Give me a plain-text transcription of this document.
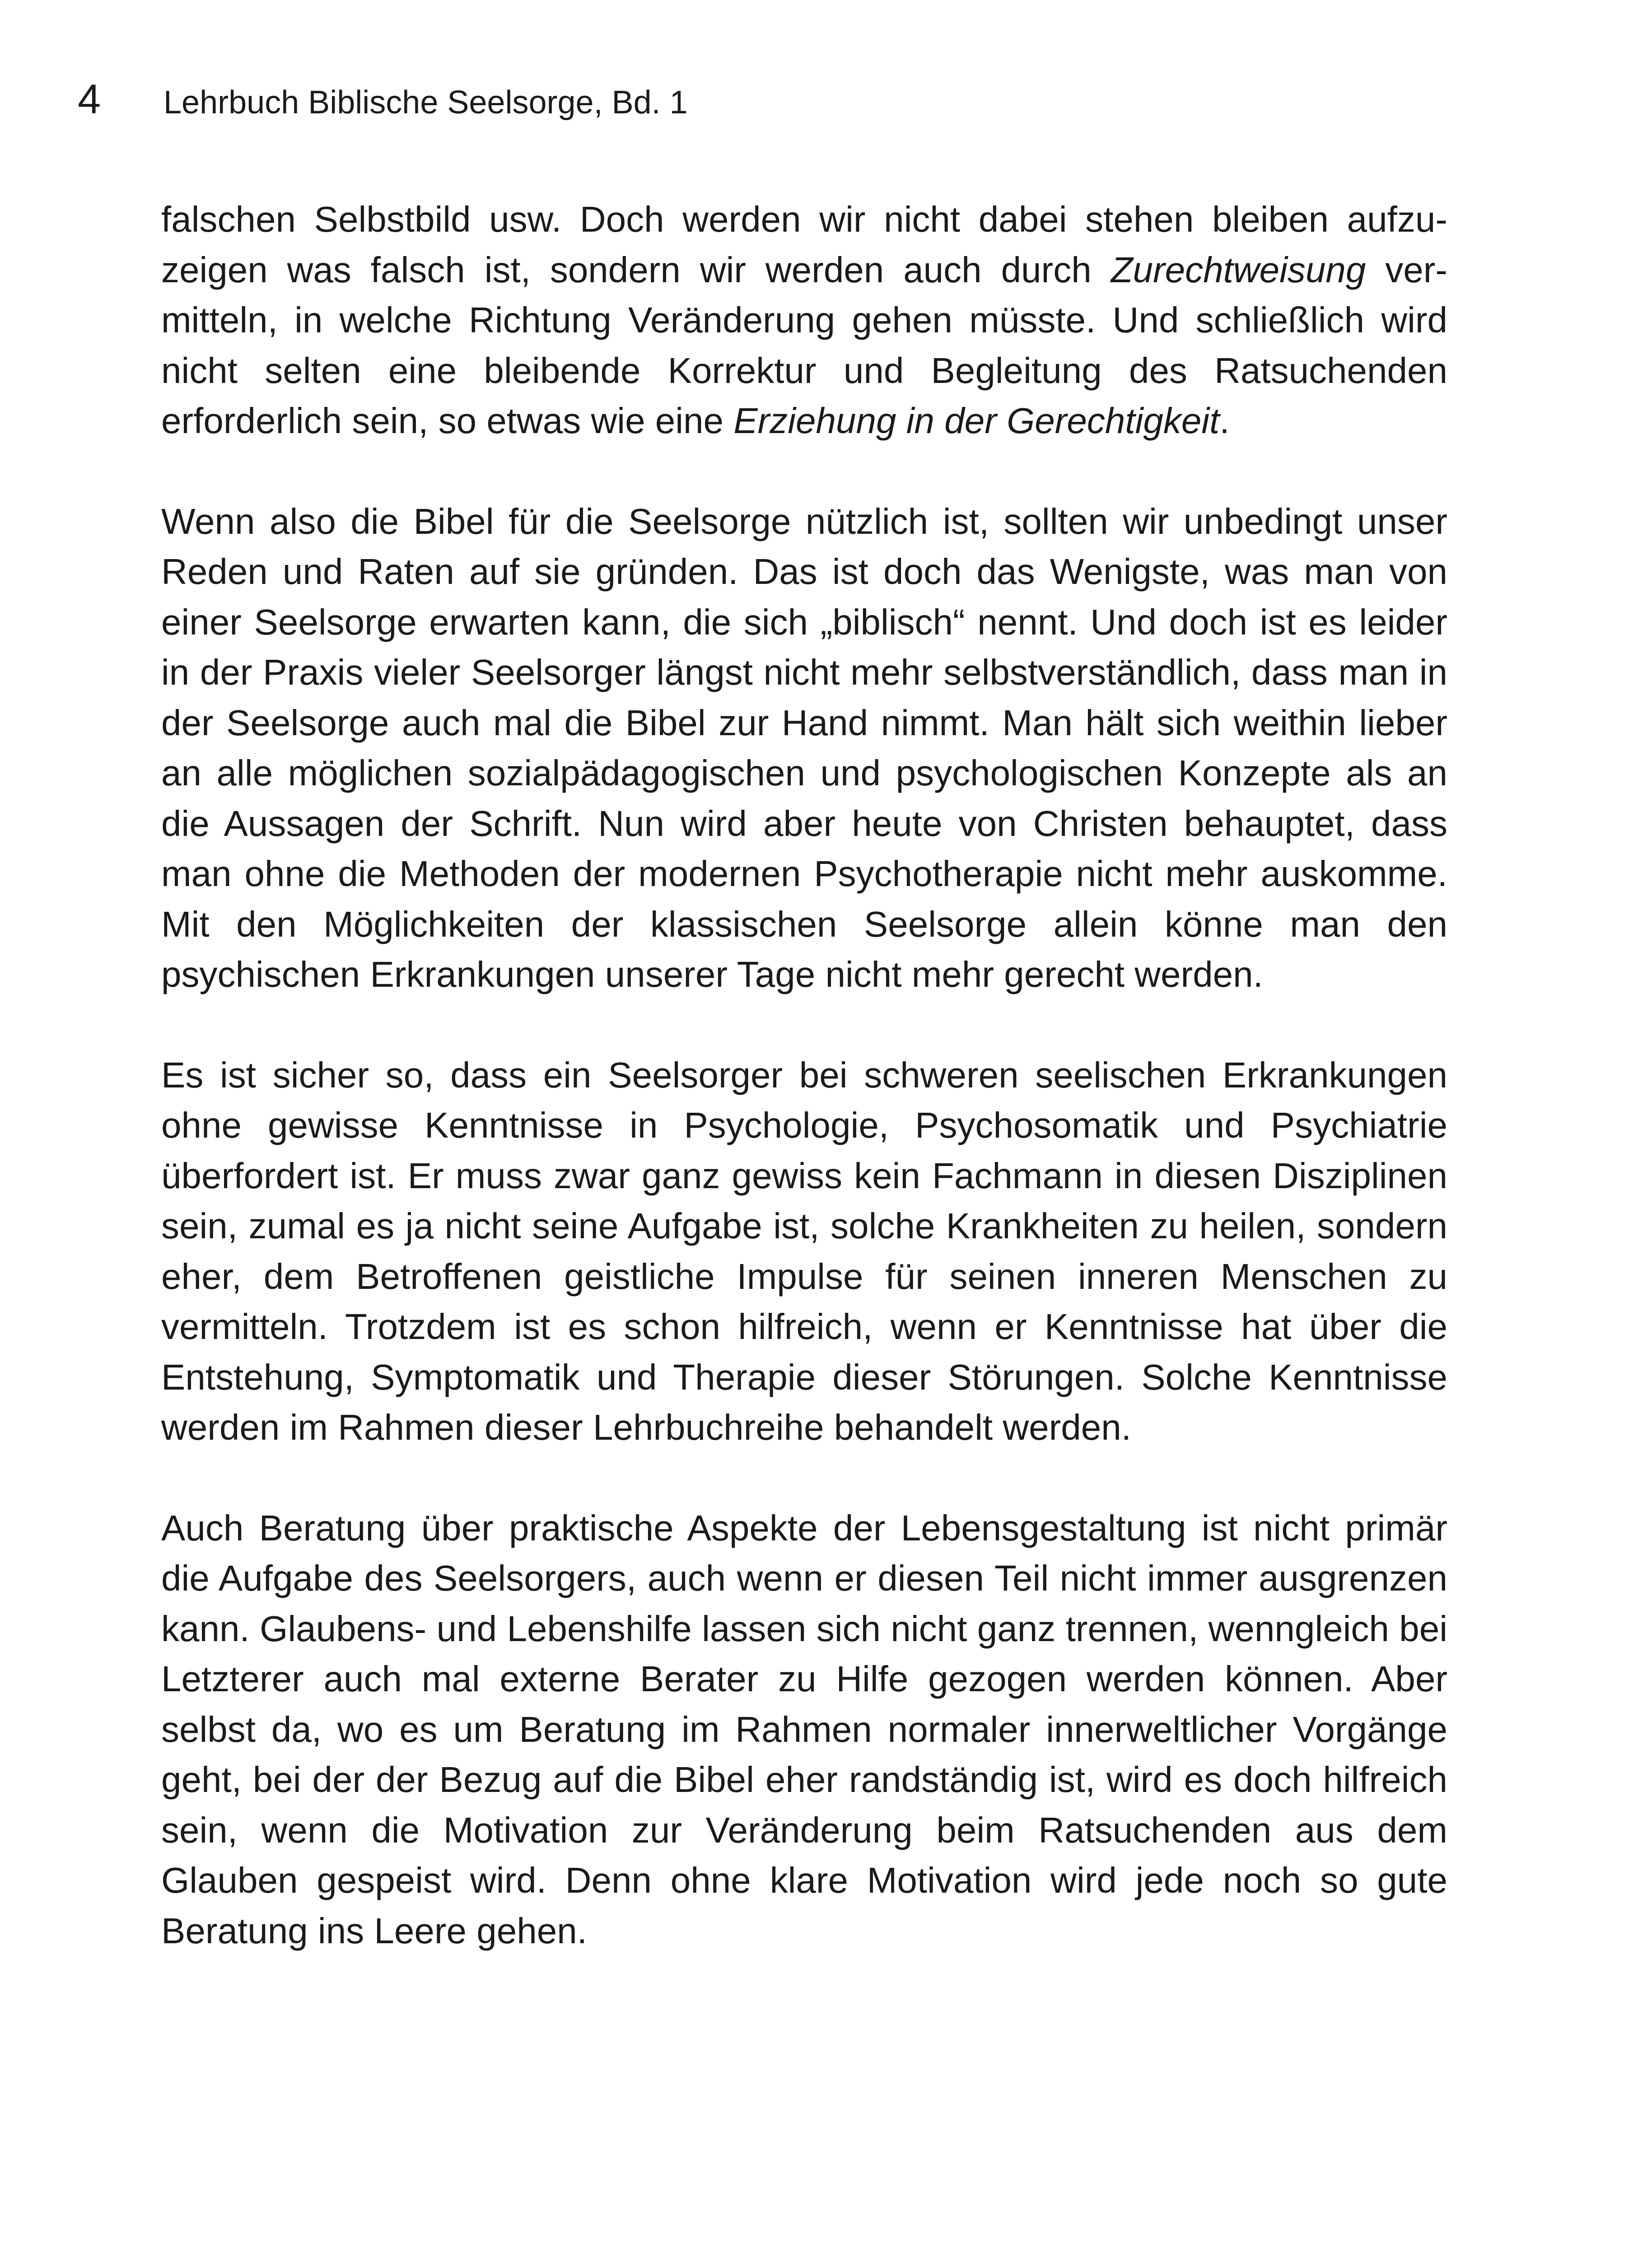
4 Lehrbuch Biblische Seelsorge, Bd. 1

falschen Selbstbild usw. Doch werden wir nicht dabei stehen bleiben aufzuzeigen was falsch ist, sondern wir werden auch durch Zurechtweisung vermitteln, in welche Richtung Veränderung gehen müsste. Und schließlich wird nicht selten eine bleibende Korrektur und Begleitung des Ratsuchenden erforderlich sein, so etwas wie eine Erziehung in der Gerechtigkeit.

Wenn also die Bibel für die Seelsorge nützlich ist, sollten wir unbedingt unser Reden und Raten auf sie gründen. Das ist doch das Wenigste, was man von einer Seelsorge erwarten kann, die sich „biblisch“ nennt. Und doch ist es leider in der Praxis vieler Seelsorger längst nicht mehr selbstverständlich, dass man in der Seelsorge auch mal die Bibel zur Hand nimmt. Man hält sich weithin lieber an alle möglichen sozialpädagogischen und psychologischen Konzepte als an die Aussagen der Schrift. Nun wird aber heute von Christen behauptet, dass man ohne die Methoden der modernen Psychotherapie nicht mehr auskomme. Mit den Möglichkeiten der klassischen Seelsorge allein könne man den psychischen Erkrankungen unserer Tage nicht mehr gerecht werden.

Es ist sicher so, dass ein Seelsorger bei schweren seelischen Erkrankungen ohne gewisse Kenntnisse in Psychologie, Psychosomatik und Psychiatrie überfordert ist. Er muss zwar ganz gewiss kein Fachmann in diesen Disziplinen sein, zumal es ja nicht seine Aufgabe ist, solche Krankheiten zu heilen, sondern eher, dem Betroffenen geistliche Impulse für seinen inneren Menschen zu vermitteln. Trotzdem ist es schon hilfreich, wenn er Kenntnisse hat über die Entstehung, Symptomatik und Therapie dieser Störungen. Solche Kenntnisse werden im Rahmen dieser Lehrbuchreihe behandelt werden.

Auch Beratung über praktische Aspekte der Lebensgestaltung ist nicht primär die Aufgabe des Seelsorgers, auch wenn er diesen Teil nicht immer ausgrenzen kann. Glaubens- und Lebenshilfe lassen sich nicht ganz trennen, wenngleich bei Letzterer auch mal externe Berater zu Hilfe gezogen werden können. Aber selbst da, wo es um Beratung im Rahmen normaler innerweltlicher Vorgänge geht, bei der der Bezug auf die Bibel eher randständig ist, wird es doch hilfreich sein, wenn die Motivation zur Veränderung beim Ratsuchenden aus dem Glauben gespeist wird. Denn ohne klare Motivation wird jede noch so gute Beratung ins Leere gehen.
